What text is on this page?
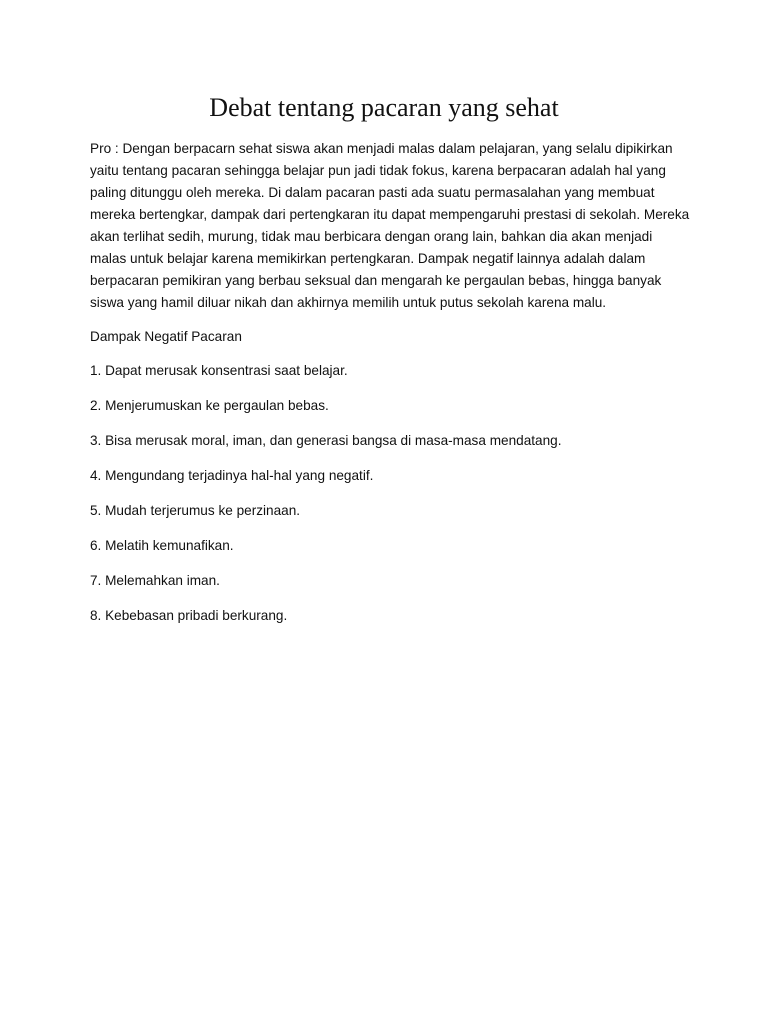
Debat tentang pacaran yang sehat

Pro : Dengan berpacarn sehat siswa akan menjadi malas dalam pelajaran, yang selalu dipikirkan yaitu tentang pacaran sehingga belajar pun jadi tidak fokus, karena berpacaran adalah hal yang paling ditunggu oleh mereka. Di dalam pacaran pasti ada suatu permasalahan yang membuat mereka bertengkar, dampak dari pertengkaran itu dapat mempengaruhi prestasi di sekolah. Mereka akan terlihat sedih, murung, tidak mau berbicara dengan orang lain, bahkan dia akan menjadi malas untuk belajar karena memikirkan pertengkaran. Dampak negatif lainnya adalah dalam berpacaran pemikiran yang berbau seksual dan mengarah ke pergaulan bebas, hingga banyak siswa yang hamil diluar nikah dan akhirnya memilih untuk putus sekolah karena malu.

Dampak Negatif Pacaran

1. Dapat merusak konsentrasi saat belajar.

2. Menjerumuskan ke pergaulan bebas.

3. Bisa merusak moral, iman, dan generasi bangsa di masa-masa mendatang.

4. Mengundang terjadinya hal-hal yang negatif.

5. Mudah terjerumus ke perzinaan.

6. Melatih kemunafikan.

7. Melemahkan iman.

8. Kebebasan pribadi berkurang.
